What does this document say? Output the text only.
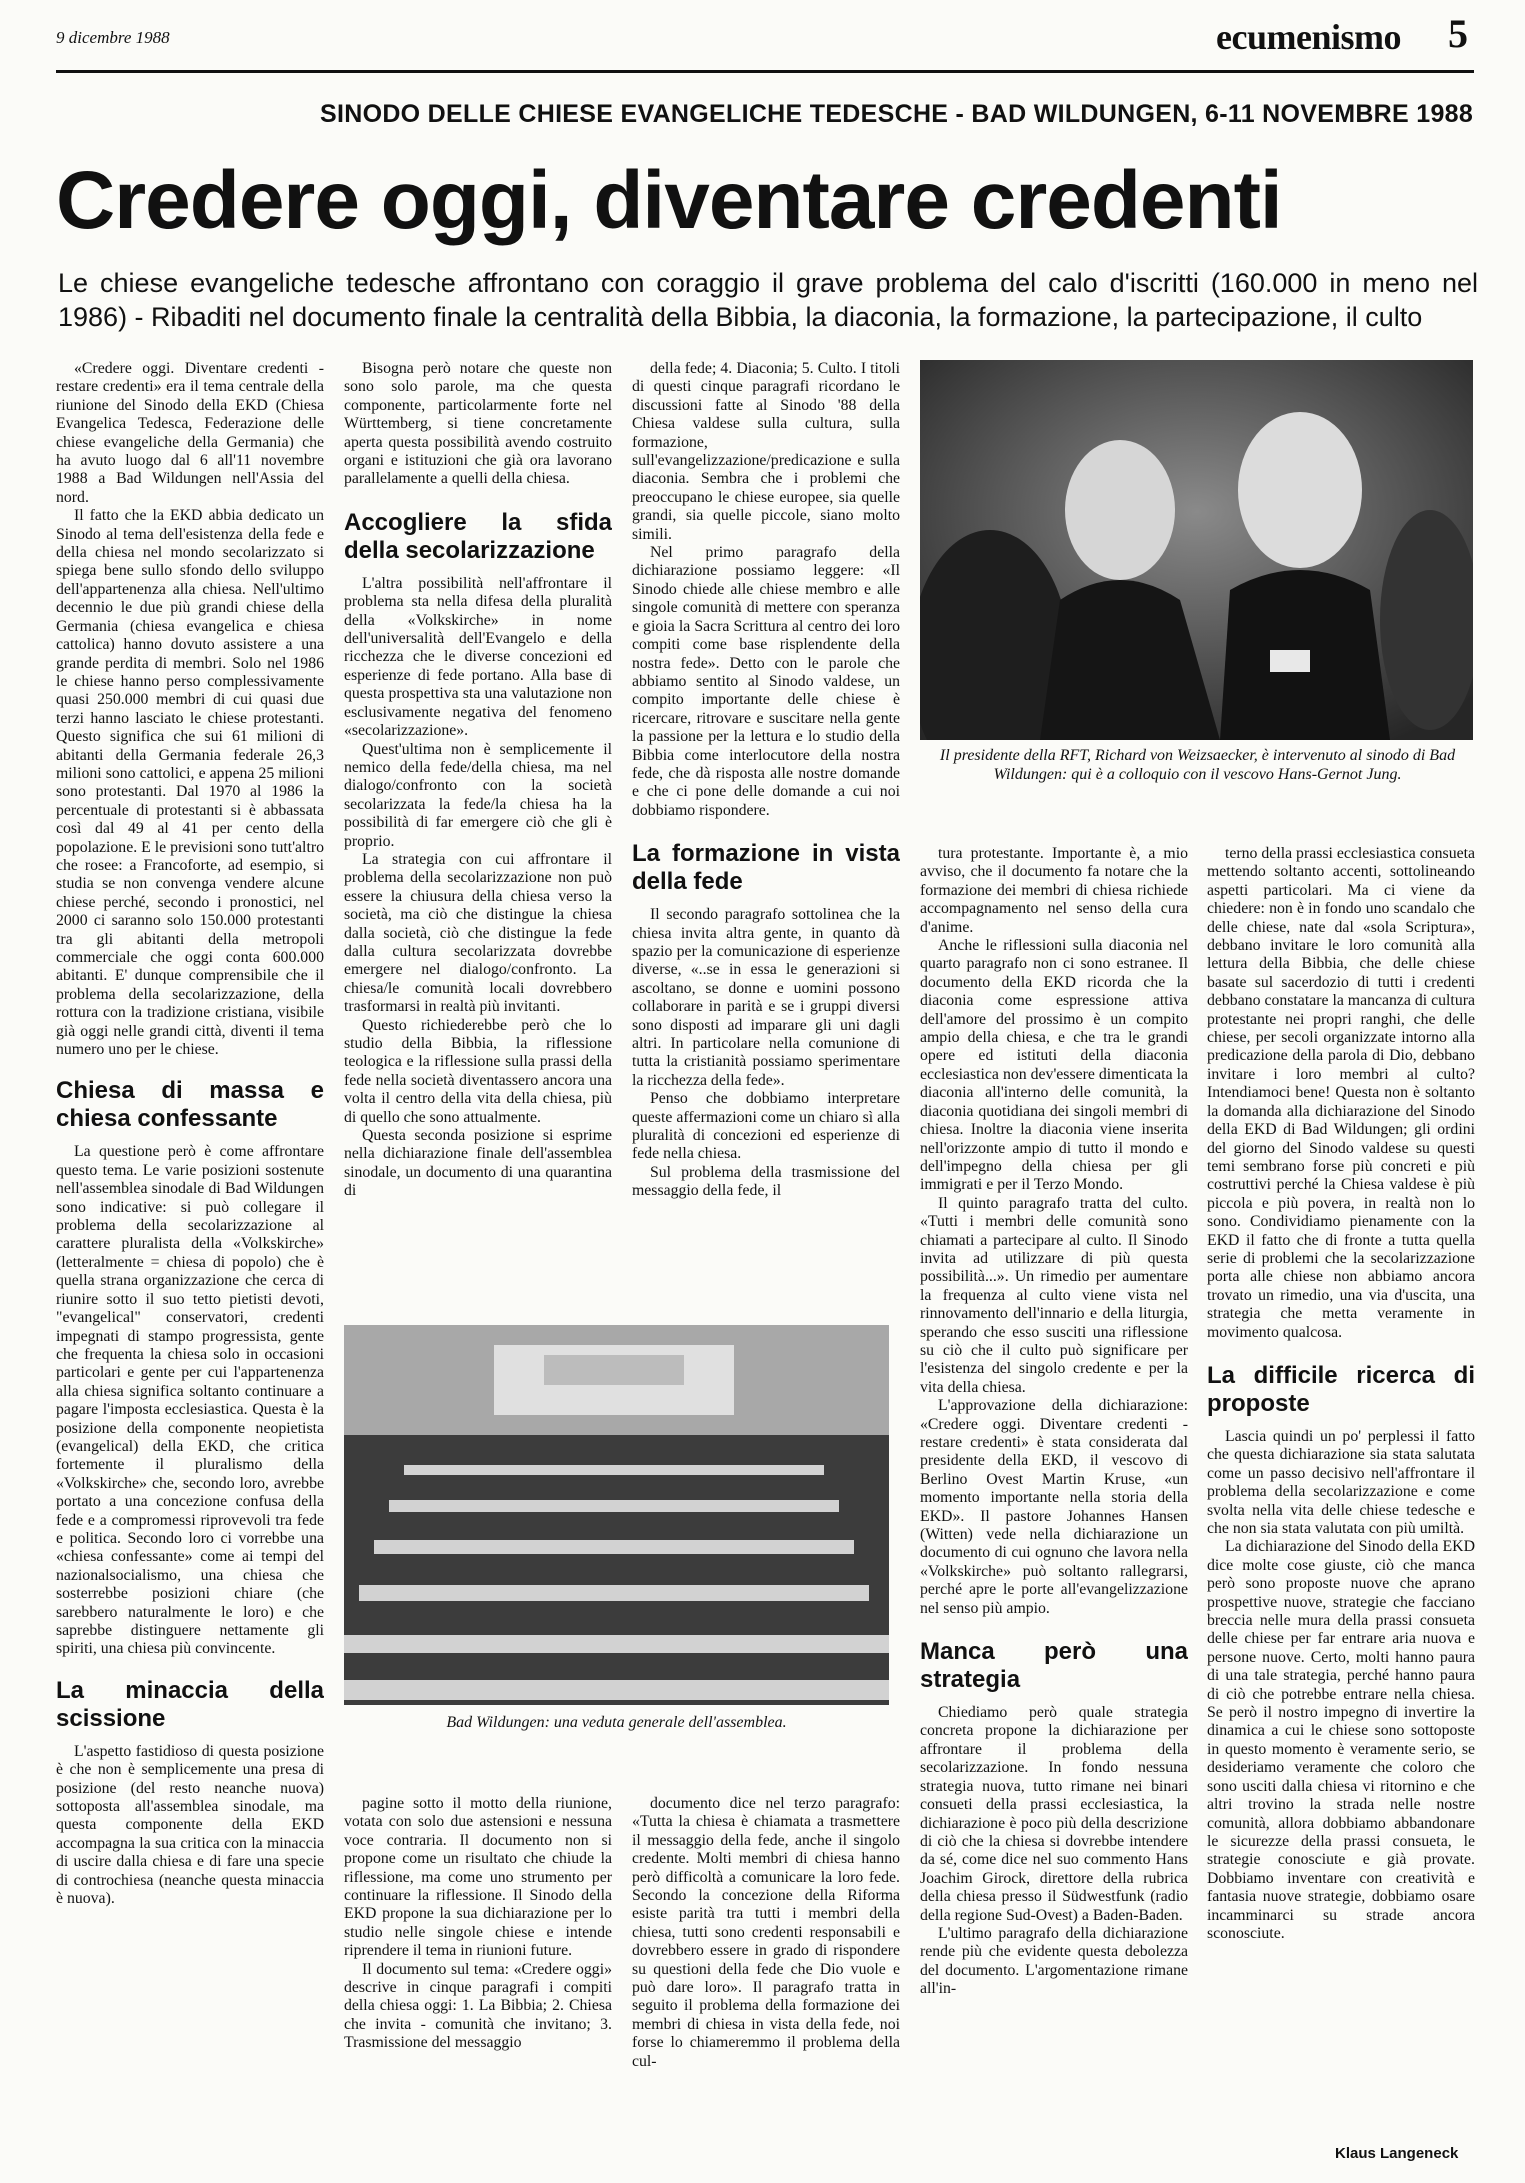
9 dicembre 1988	ecumenismo 5
SINODO DELLE CHIESE EVANGELICHE TEDESCHE - BAD WILDUNGEN, 6-11 NOVEMBRE 1988
Credere oggi, diventare credenti
Le chiese evangeliche tedesche affrontano con coraggio il grave problema del calo d'iscritti (160.000 in meno nel 1986) - Ribaditi nel documento finale la centralità della Bibbia, la diaconia, la formazione, la partecipazione, il culto

«Credere oggi. Diventare credenti - restare credenti» era il tema centrale della riunione del Sinodo della EKD (Chiesa Evangelica Tedesca, Federazione delle chiese evangeliche della Germania) che ha avuto luogo dal 6 all'11 novembre 1988 a Bad Wildungen nell'Assia del nord.

Il fatto che la EKD abbia dedicato un Sinodo al tema dell'esistenza della fede e della chiesa nel mondo secolarizzato si spiega bene sullo sfondo dello sviluppo dell'appartenenza alla chiesa. Nell'ultimo decennio le due più grandi chiese della Germania (chiesa evangelica e chiesa cattolica) hanno dovuto assistere a una grande perdita di membri. Solo nel 1986 le chiese hanno perso complessivamente quasi 250.000 membri di cui quasi due terzi hanno lasciato le chiese protestanti. Questo significa che sui 61 milioni di abitanti della Germania federale 26,3 milioni sono cattolici, e appena 25 milioni sono protestanti. Dal 1970 al 1986 la percentuale di protestanti si è abbassata così dal 49 al 41 per cento della popolazione. E le previsioni sono tutt'altro che rosee: a Francoforte, ad esempio, si studia se non convenga vendere alcune chiese perché, secondo i pronostici, nel 2000 ci saranno solo 150.000 protestanti tra gli abitanti della metropoli commerciale che oggi conta 600.000 abitanti. E' dunque comprensibile che il problema della secolarizzazione, della rottura con la tradizione cristiana, visibile già oggi nelle grandi città, diventi il tema numero uno per le chiese.

Chiesa di massa e chiesa confessante

La questione però è come affrontare questo tema. Le varie posizioni sostenute nell'assemblea sinodale di Bad Wildungen sono indicative: si può collegare il problema della secolarizzazione al carattere pluralista della «Volkskirche» (letteralmente = chiesa di popolo) che è quella strana organizzazione che cerca di riunire sotto il suo tetto pietisti devoti, "evangelical" conservatori, credenti impegnati di stampo progressista, gente che frequenta la chiesa solo in occasioni particolari e gente per cui l'appartenenza alla chiesa significa soltanto continuare a pagare l'imposta ecclesiastica. Questa è la posizione della componente neopietista (evangelical) della EKD, che critica fortemente il pluralismo della «Volkskirche» che, secondo loro, avrebbe portato a una concezione confusa della fede e a compromessi riprovevoli tra fede e politica. Secondo loro ci vorrebbe una «chiesa confessante» come ai tempi del nazionalsocialismo, una chiesa che sosterrebbe posizioni chiare (che sarebbero naturalmente le loro) e che saprebbe distinguere nettamente gli spiriti, una chiesa più convincente.

La minaccia della scissione

L'aspetto fastidioso di questa posizione è che non è semplicemente una presa di posizione (del resto neanche nuova) sottoposta all'assemblea sinodale, ma questa componente della EKD accompagna la sua critica con la minaccia di uscire dalla chiesa e di fare una specie di controchiesa (neanche questa minaccia è nuova).

Bisogna però notare che queste non sono solo parole, ma che questa componente, particolarmente forte nel Württemberg, si tiene concretamente aperta questa possibilità avendo costruito organi e istituzioni che già ora lavorano parallelamente a quelli della chiesa.

Accogliere la sfida della secolarizzazione

L'altra possibilità nell'affrontare il problema sta nella difesa della pluralità della «Volkskirche» in nome dell'universalità dell'Evangelo e della ricchezza che le diverse concezioni ed esperienze di fede portano. Alla base di questa prospettiva sta una valutazione non esclusivamente negativa del fenomeno «secolarizzazione».

Quest'ultima non è semplicemente il nemico della fede/della chiesa, ma nel dialogo/confronto con la società secolarizzata la fede/la chiesa ha la possibilità di far emergere ciò che gli è proprio.

La strategia con cui affrontare il problema della secolarizzazione non può essere la chiusura della chiesa verso la società, ma ciò che distingue la chiesa dalla società, ciò che distingue la fede dalla cultura secolarizzata dovrebbe emergere nel dialogo/confronto. La chiesa/le comunità locali dovrebbero trasformarsi in realtà più invitanti.

Questo richiederebbe però che lo studio della Bibbia, la riflessione teologica e la riflessione sulla prassi della fede nella società diventassero ancora una volta il centro della vita della chiesa, più di quello che sono attualmente.

Questa seconda posizione si esprime nella dichiarazione finale dell'assemblea sinodale, un documento di una quarantina di

della fede; 4. Diaconia; 5. Culto. I titoli di questi cinque paragrafi ricordano le discussioni fatte al Sinodo '88 della Chiesa valdese sulla cultura, sulla formazione, sull'evangelizzazione/predicazione e sulla diaconia. Sembra che i problemi che preoccupano le chiese europee, sia quelle grandi, sia quelle piccole, siano molto simili.

Nel primo paragrafo della dichiarazione possiamo leggere: «Il Sinodo chiede alle chiese membro e alle singole comunità di mettere con speranza e gioia la Sacra Scrittura al centro dei loro compiti come base risplendente della nostra fede». Detto con le parole che abbiamo sentito al Sinodo valdese, un compito importante delle chiese è ricercare, ritrovare e suscitare nella gente la passione per la lettura e lo studio della Bibbia come interlocutore della nostra fede, che dà risposta alle nostre domande e che ci pone delle domande a cui noi dobbiamo rispondere.

La formazione in vista della fede

Il secondo paragrafo sottolinea che la chiesa invita altra gente, in quanto dà spazio per la comunicazione di esperienze diverse, «..se in essa le generazioni si ascoltano, se donne e uomini possono collaborare in parità e se i gruppi diversi sono disposti ad imparare gli uni dagli altri. In particolare nella comunione di tutta la cristianità possiamo sperimentare la ricchezza della fede».

Penso che dobbiamo interpretare queste affermazioni come un chiaro sì alla pluralità di concezioni ed esperienze di fede nella chiesa.

Sul problema della trasmissione del messaggio della fede, il

Il presidente della RFT, Richard von Weizsaecker, è intervenuto al sinodo di Bad Wildungen: qui è a colloquio con il vescovo Hans-Gernot Jung.

tura protestante. Importante è, a mio avviso, che il documento fa notare che la formazione dei membri di chiesa richiede accompagnamento nel senso della cura d'anime.

Anche le riflessioni sulla diaconia nel quarto paragrafo non ci sono estranee. Il documento della EKD ricorda che la diaconia come espressione attiva dell'amore del prossimo è un compito ampio della chiesa, e che tra le grandi opere ed istituti della diaconia ecclesiastica non dev'essere dimenticata la diaconia all'interno delle comunità, la diaconia quotidiana dei singoli membri di chiesa. Inoltre la diaconia viene inserita nell'orizzonte ampio di tutto il mondo e dell'impegno della chiesa per gli immigrati e per il Terzo Mondo.

Il quinto paragrafo tratta del culto. «Tutti i membri delle comunità sono chiamati a partecipare al culto. Il Sinodo invita ad utilizzare di più questa possibilità...». Un rimedio per aumentare la frequenza al culto viene vista nel rinnovamento dell'innario e della liturgia, sperando che esso susciti una riflessione su ciò che il culto può significare per l'esistenza del singolo credente e per la vita della chiesa.

L'approvazione della dichiarazione: «Credere oggi. Diventare credenti - restare credenti» è stata considerata dal presidente della EKD, il vescovo di Berlino Ovest Martin Kruse, «un momento importante nella storia della EKD». Il pastore Johannes Hansen (Witten) vede nella dichiarazione un documento di cui ognuno che lavora nella «Volkskirche» può soltanto rallegrarsi, perché apre le porte all'evangelizzazione nel senso più ampio.

Manca però una strategia

Chiediamo però quale strategia concreta propone la dichiarazione per affrontare il problema della secolarizzazione. In fondo nessuna strategia nuova, tutto rimane nei binari consueti della prassi ecclesiastica, la dichiarazione è poco più della descrizione di ciò che la chiesa si dovrebbe intendere da sé, come dice nel suo commento Hans Joachim Girock, direttore della rubrica della chiesa presso il Südwestfunk (radio della regione Sud-Ovest) a Baden-Baden.

L'ultimo paragrafo della dichiarazione rende più che evidente questa debolezza del documento. L'argomentazione rimane all'in-

terno della prassi ecclesiastica consueta mettendo soltanto accenti, sottolineando aspetti particolari. Ma ci viene da chiedere: non è in fondo uno scandalo che delle chiese, nate dal «sola Scriptura», debbano invitare le loro comunità alla lettura della Bibbia, che delle chiese basate sul sacerdozio di tutti i credenti debbano constatare la mancanza di cultura protestante nei propri ranghi, che delle chiese, per secoli organizzate intorno alla predicazione della parola di Dio, debbano invitare i loro membri al culto? Intendiamoci bene! Questa non è soltanto la domanda alla dichiarazione del Sinodo della EKD di Bad Wildungen; gli ordini del giorno del Sinodo valdese su questi temi sembrano forse più concreti e più costruttivi perché la Chiesa valdese è più piccola e più povera, in realtà non lo sono. Condividiamo pienamente con la EKD il fatto che di fronte a tutta quella serie di problemi che la secolarizzazione porta alle chiese non abbiamo ancora trovato un rimedio, una via d'uscita, una strategia che metta veramente in movimento qualcosa.

La difficile ricerca di proposte

Lascia quindi un po' perplessi il fatto che questa dichiarazione sia stata salutata come un passo decisivo nell'affrontare il problema della secolarizzazione e come svolta nella vita delle chiese tedesche e che non sia stata valutata con più umiltà.

La dichiarazione del Sinodo della EKD dice molte cose giuste, ciò che manca però sono proposte nuove che aprano prospettive nuove, strategie che facciano breccia nelle mura della prassi consueta delle chiese per far entrare aria nuova e persone nuove. Certo, molti hanno paura di una tale strategia, perché hanno paura di ciò che potrebbe entrare nella chiesa. Se però il nostro impegno di invertire la dinamica a cui le chiese sono sottoposte in questo momento è veramente serio, se desideriamo veramente che coloro che sono usciti dalla chiesa vi ritornino e che altri trovino la strada nelle nostre comunità, allora dobbiamo abbandonare le sicurezze della prassi consueta, le strategie conosciute e già provate. Dobbiamo inventare con creatività e fantasia nuove strategie, dobbiamo osare incamminarci su strade ancora sconosciute.

Bad Wildungen: una veduta generale dell'assemblea.

pagine sotto il motto della riunione, votata con solo due astensioni e nessuna voce contraria. Il documento non si propone come un risultato che chiude la riflessione, ma come uno strumento per continuare la riflessione. Il Sinodo della EKD propone la sua dichiarazione per lo studio nelle singole chiese e intende riprendere il tema in riunioni future.

Il documento sul tema: «Credere oggi» descrive in cinque paragrafi i compiti della chiesa oggi: 1. La Bibbia; 2. Chiesa che invita - comunità che invitano; 3. Trasmissione del messaggio

documento dice nel terzo paragrafo: «Tutta la chiesa è chiamata a trasmettere il messaggio della fede, anche il singolo credente. Molti membri di chiesa hanno però difficoltà a comunicare la loro fede. Secondo la concezione della Riforma esiste parità tra tutti i membri della chiesa, tutti sono credenti responsabili e dovrebbero essere in grado di rispondere su questioni della fede che Dio vuole e può dare loro». Il paragrafo tratta in seguito il problema della formazione dei membri di chiesa in vista della fede, noi forse lo chiameremmo il problema della cul-

Klaus Langeneck
